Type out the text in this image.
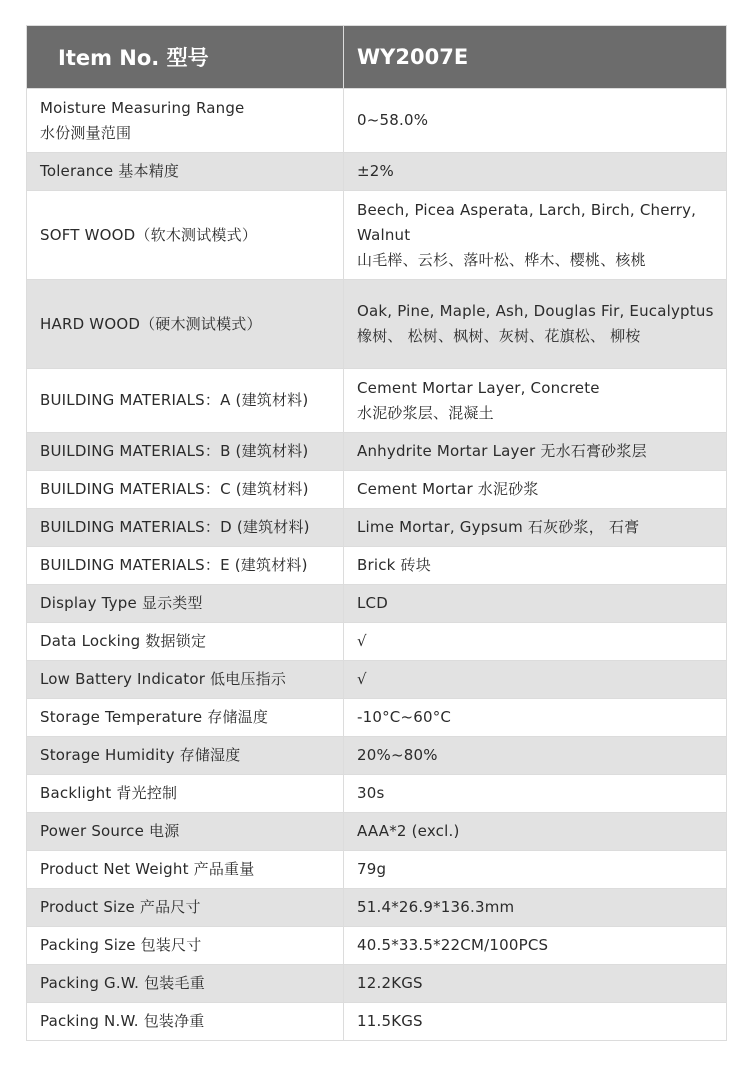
Item No. 型号	WY2007E
Moisture Measuring Range
水份测量范围	0~58.0%
Tolerance 基本精度	±2%
SOFT WOOD（软木测试模式）	Beech, Picea Asperata, Larch, Birch, Cherry, Walnut
山毛榉、云杉、落叶松、桦木、樱桃、核桃
HARD WOOD（硬木测试模式）	Oak, Pine, Maple, Ash, Douglas Fir, Eucalyptus
橡树、 松树、枫树、灰树、花旗松、 柳桉
BUILDING MATERIALS：A (建筑材料)	Cement Mortar Layer, Concrete
水泥砂浆层、混凝土
BUILDING MATERIALS：B (建筑材料)	Anhydrite Mortar Layer 无水石膏砂浆层
BUILDING MATERIALS：C (建筑材料)	Cement Mortar 水泥砂浆
BUILDING MATERIALS：D (建筑材料)	Lime Mortar, Gypsum 石灰砂浆， 石膏
BUILDING MATERIALS：E (建筑材料)	Brick 砖块
Display Type 显示类型	LCD
Data Locking 数据锁定	√
Low Battery Indicator 低电压指示	√
Storage Temperature 存储温度	-10°C~60°C
Storage Humidity 存储湿度	20%~80%
Backlight 背光控制	30s
Power Source 电源	AAA*2 (excl.)
Product Net Weight 产品重量	79g
Product Size 产品尺寸	51.4*26.9*136.3mm
Packing Size 包装尺寸	40.5*33.5*22CM/100PCS
Packing G.W. 包装毛重	12.2KGS
Packing N.W. 包装净重	11.5KGS
